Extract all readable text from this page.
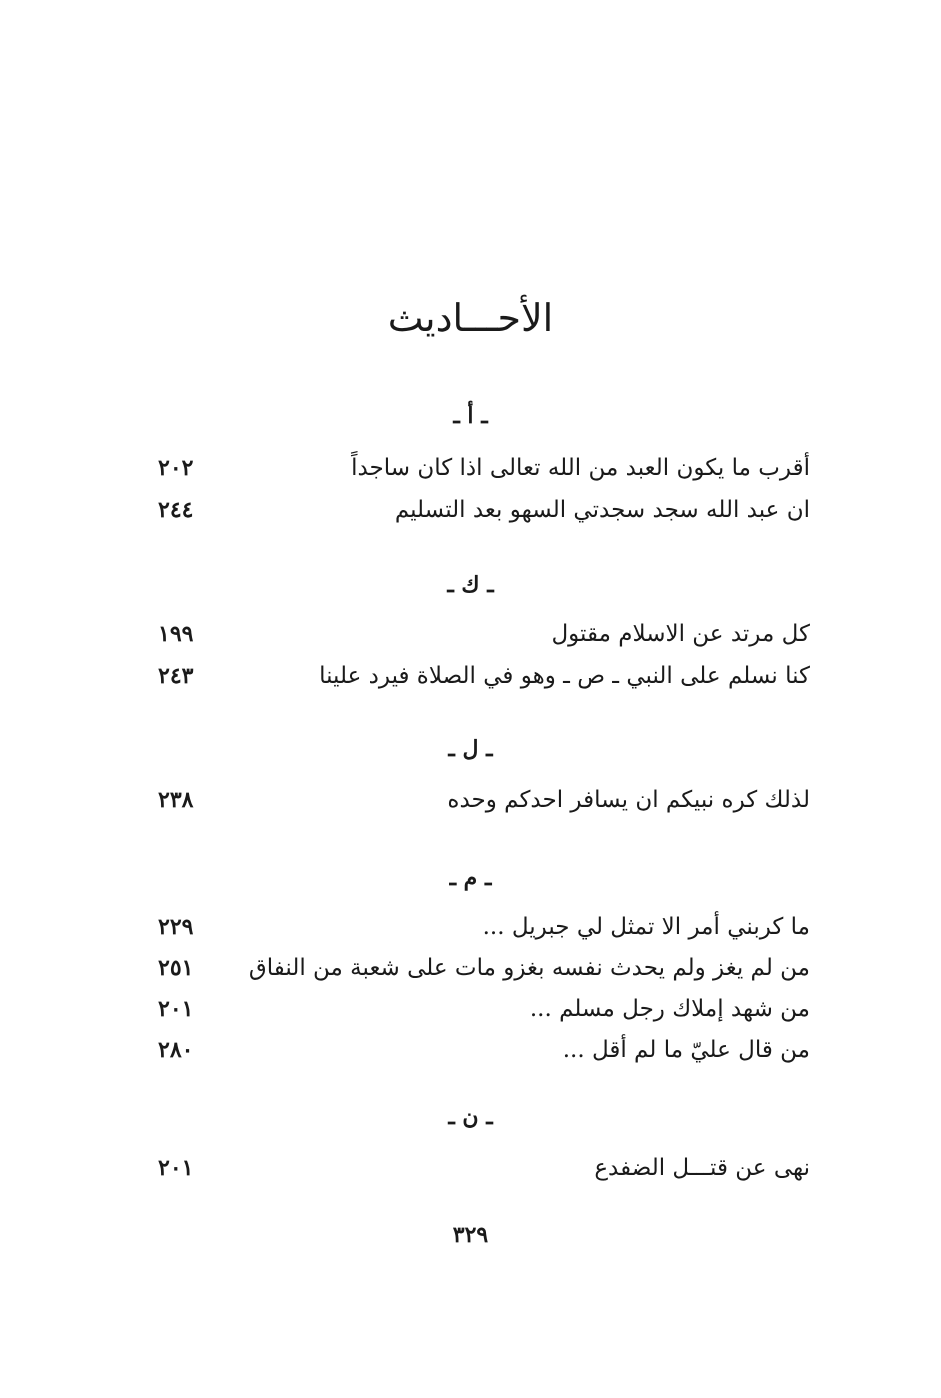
الأحـــاديث
ـ أ ـ
أقرب ما يكون العبد من الله تعالى اذا كان ساجداً
٢٠٢
ان عبد الله سجد سجدتي السهو بعد التسليم
٢٤٤
ـ ك ـ
كل مرتد عن الاسلام مقتول
١٩٩
كنا نسلم على النبي ـ ص ـ وهو في الصلاة فيرد علينا
٢٤٣
ـ ل ـ
لذلك كره نبيكم ان يسافر احدكم وحده
٢٣٨
ـ م ـ
ما كربني أمر الا تمثل لي جبريل ...
٢٢٩
من لم يغز ولم يحدث نفسه بغزو مات على شعبة من النفاق
٢٥١
من شهد إملاك رجل مسلم ...
٢٠١
من قال عليّ ما لم أقل ...
٢٨٠
ـ ن ـ
نهى عن قتـــل الضفدع
٢٠١
٣٢٩
